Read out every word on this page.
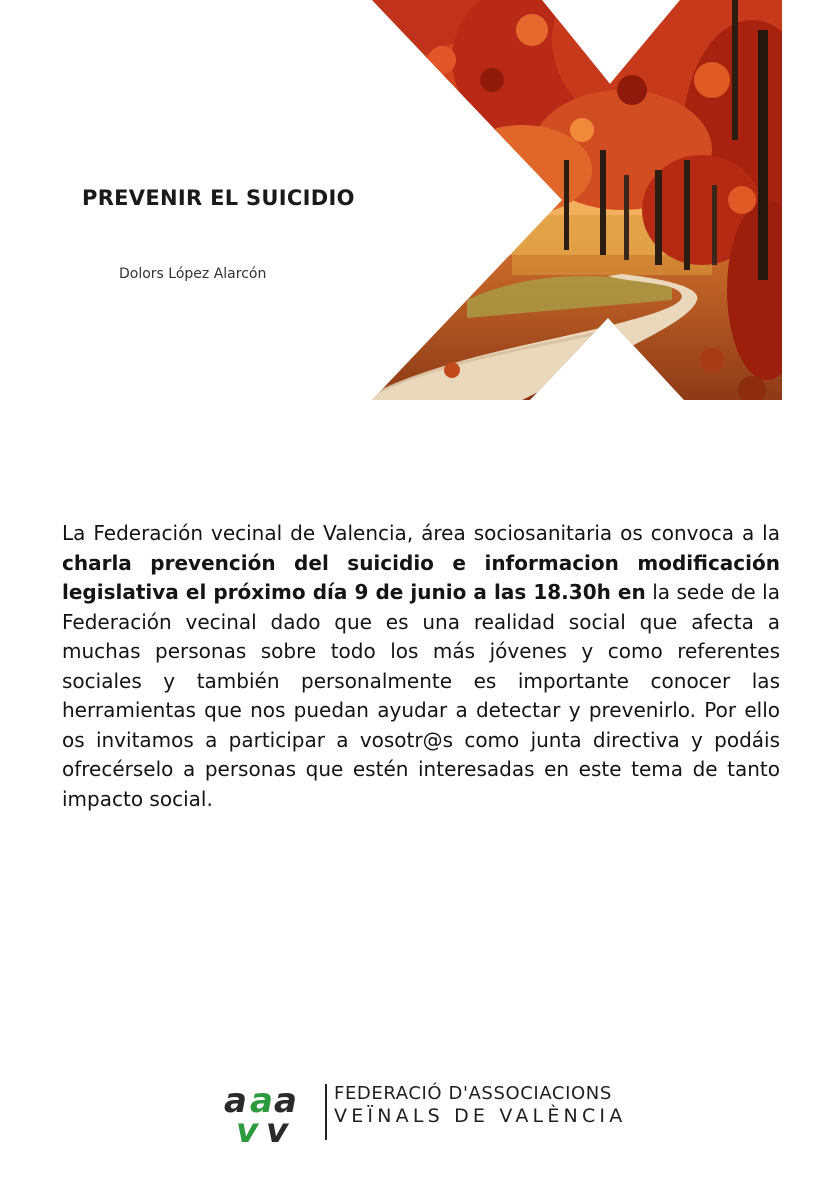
PREVENIR EL SUICIDIO
Dolors López Alarcón

La Federación vecinal de Valencia, área sociosanitaria os convoca a la charla prevención del suicidio e informacion modificación legislativa el próximo día 9 de junio a las 18.30h en la sede de la Federación vecinal dado que es una realidad social que afecta a muchas personas sobre todo los más jóvenes y como referentes sociales y también personalmente es importante conocer las herramientas que nos puedan ayudar a detectar y prevenirlo. Por ello os invitamos a participar a vosotr@s como junta directiva y podáis ofrecérselo a personas que estén interesadas en este tema de tanto impacto social.

a a a
v v
FEDERACIÓ D'ASSOCIACIONS
VEÏNALS DE VALÈNCIA
